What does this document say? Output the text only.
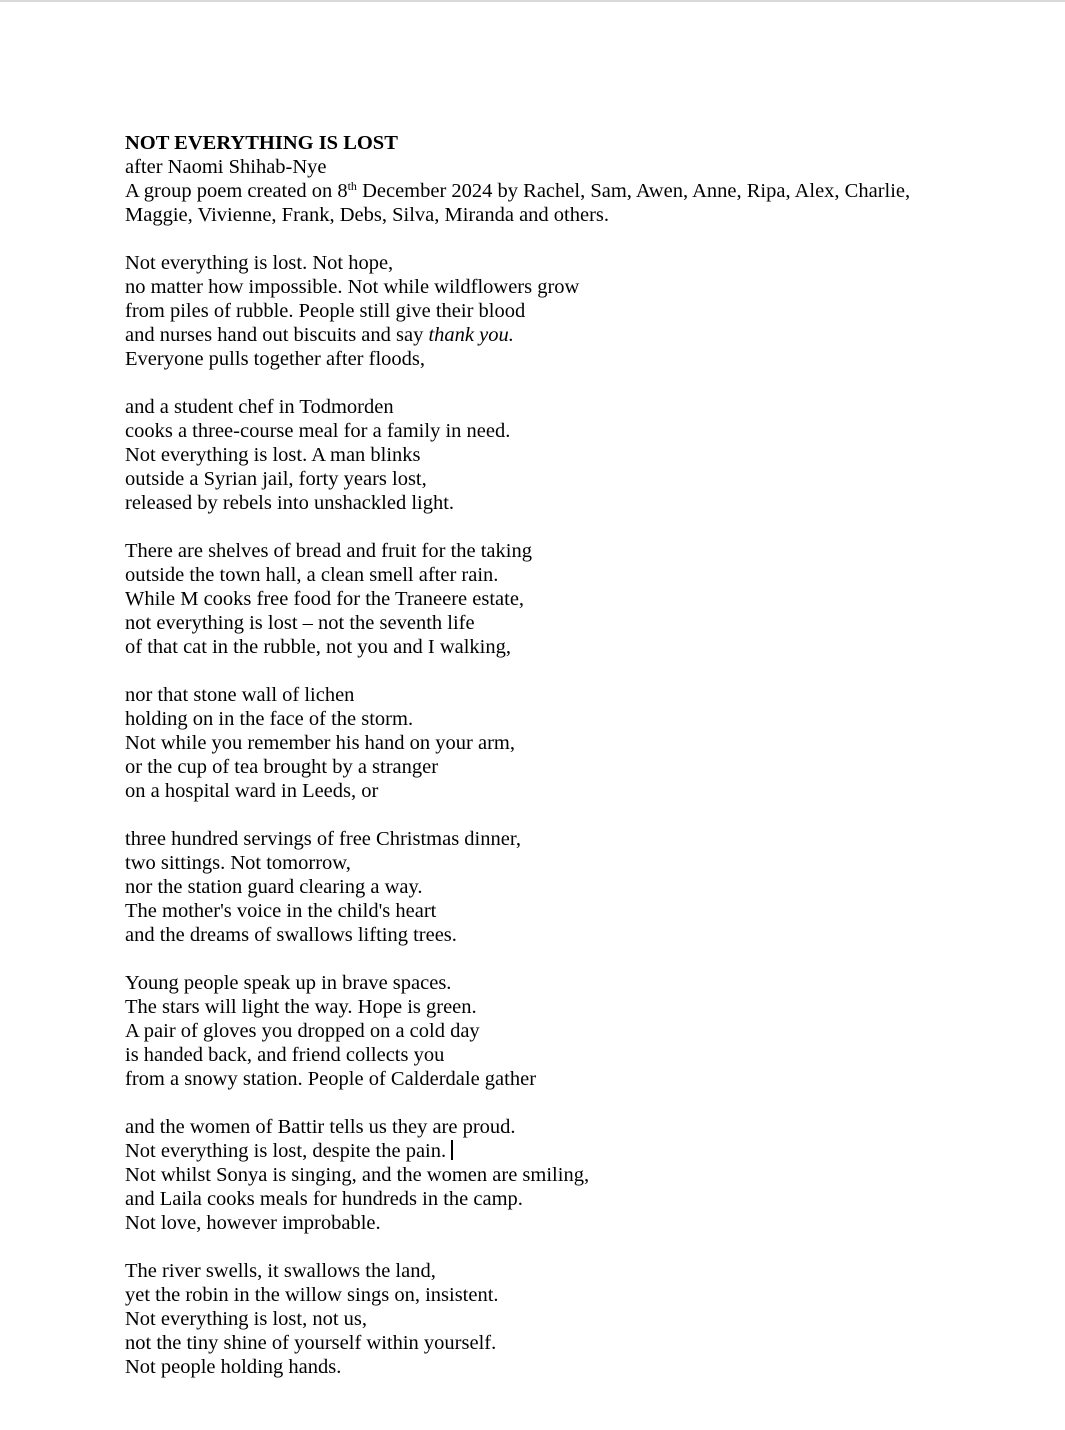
NOT EVERYTHING IS LOST
after Naomi Shihab-Nye
A group poem created on 8th December 2024 by Rachel, Sam, Awen, Anne, Ripa, Alex, Charlie,
Maggie, Vivienne, Frank, Debs, Silva, Miranda and others.
Not everything is lost. Not hope,
no matter how impossible. Not while wildflowers grow
from piles of rubble. People still give their blood
and nurses hand out biscuits and say thank you.
Everyone pulls together after floods,
and a student chef in Todmorden
cooks a three-course meal for a family in need.
Not everything is lost. A man blinks
outside a Syrian jail, forty years lost,
released by rebels into unshackled light.
There are shelves of bread and fruit for the taking
outside the town hall, a clean smell after rain.
While M cooks free food for the Traneere estate,
not everything is lost – not the seventh life
of that cat in the rubble, not you and I walking,
nor that stone wall of lichen
holding on in the face of the storm.
Not while you remember his hand on your arm,
or the cup of tea brought by a stranger
on a hospital ward in Leeds, or
three hundred servings of free Christmas dinner,
two sittings. Not tomorrow,
nor the station guard clearing a way.
The mother's voice in the child's heart
and the dreams of swallows lifting trees.
Young people speak up in brave spaces.
The stars will light the way. Hope is green.
A pair of gloves you dropped on a cold day
is handed back, and friend collects you
from a snowy station. People of Calderdale gather
and the women of Battir tells us they are proud.
Not everything is lost, despite the pain.
Not whilst Sonya is singing, and the women are smiling,
and Laila cooks meals for hundreds in the camp.
Not love, however improbable.
The river swells, it swallows the land,
yet the robin in the willow sings on, insistent.
Not everything is lost, not us,
not the tiny shine of yourself within yourself.
Not people holding hands.
